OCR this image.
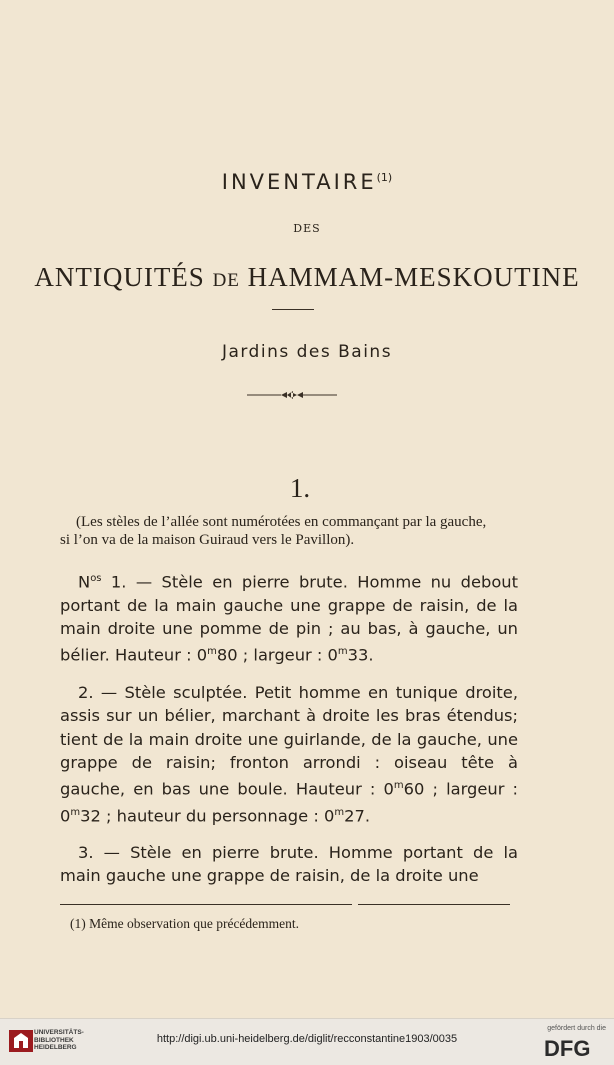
INVENTAIRE$^{(1)}$
DES
ANTIQUITÉS DE HAMMAM-MESKOUTINE
Jardins des Bains
1.

(Les stèles de l’allée sont numérotées en commançant par la gauche,

si l’on va de la maison Guiraud vers le Pavillon).

$N^{os}$ 1. — Stèle en pierre brute. Homme nu debout portant de la main gauche une grappe de raisin, de la main droite une pomme de pin ; au bas, à gauche, un bélier. Hauteur : 0$^m$80 ; largeur : 0$^m$33.

2. — Stèle sculptée. Petit homme en tunique droite, assis sur un bélier, marchant à droite les bras étendus; tient de la main droite une guirlande, de la gauche, une grappe de raisin; fronton arrondi : oiseau tête à gauche, en bas une boule. Hauteur : 0$^m$60 ; largeur : 0$^m$32 ; hauteur du personnage : 0$^m$27.

3. — Stèle en pierre brute. Homme portant de la main gauche une grappe de raisin, de la droite une

(1) Même observation que précédemment.
UNIVERSITÄTS-
BIBLIOTHEK
HEIDELBERG
http://digi.ub.uni-heidelberg.de/diglit/recconstantine1903/0035
gefördert durch die
DFG
